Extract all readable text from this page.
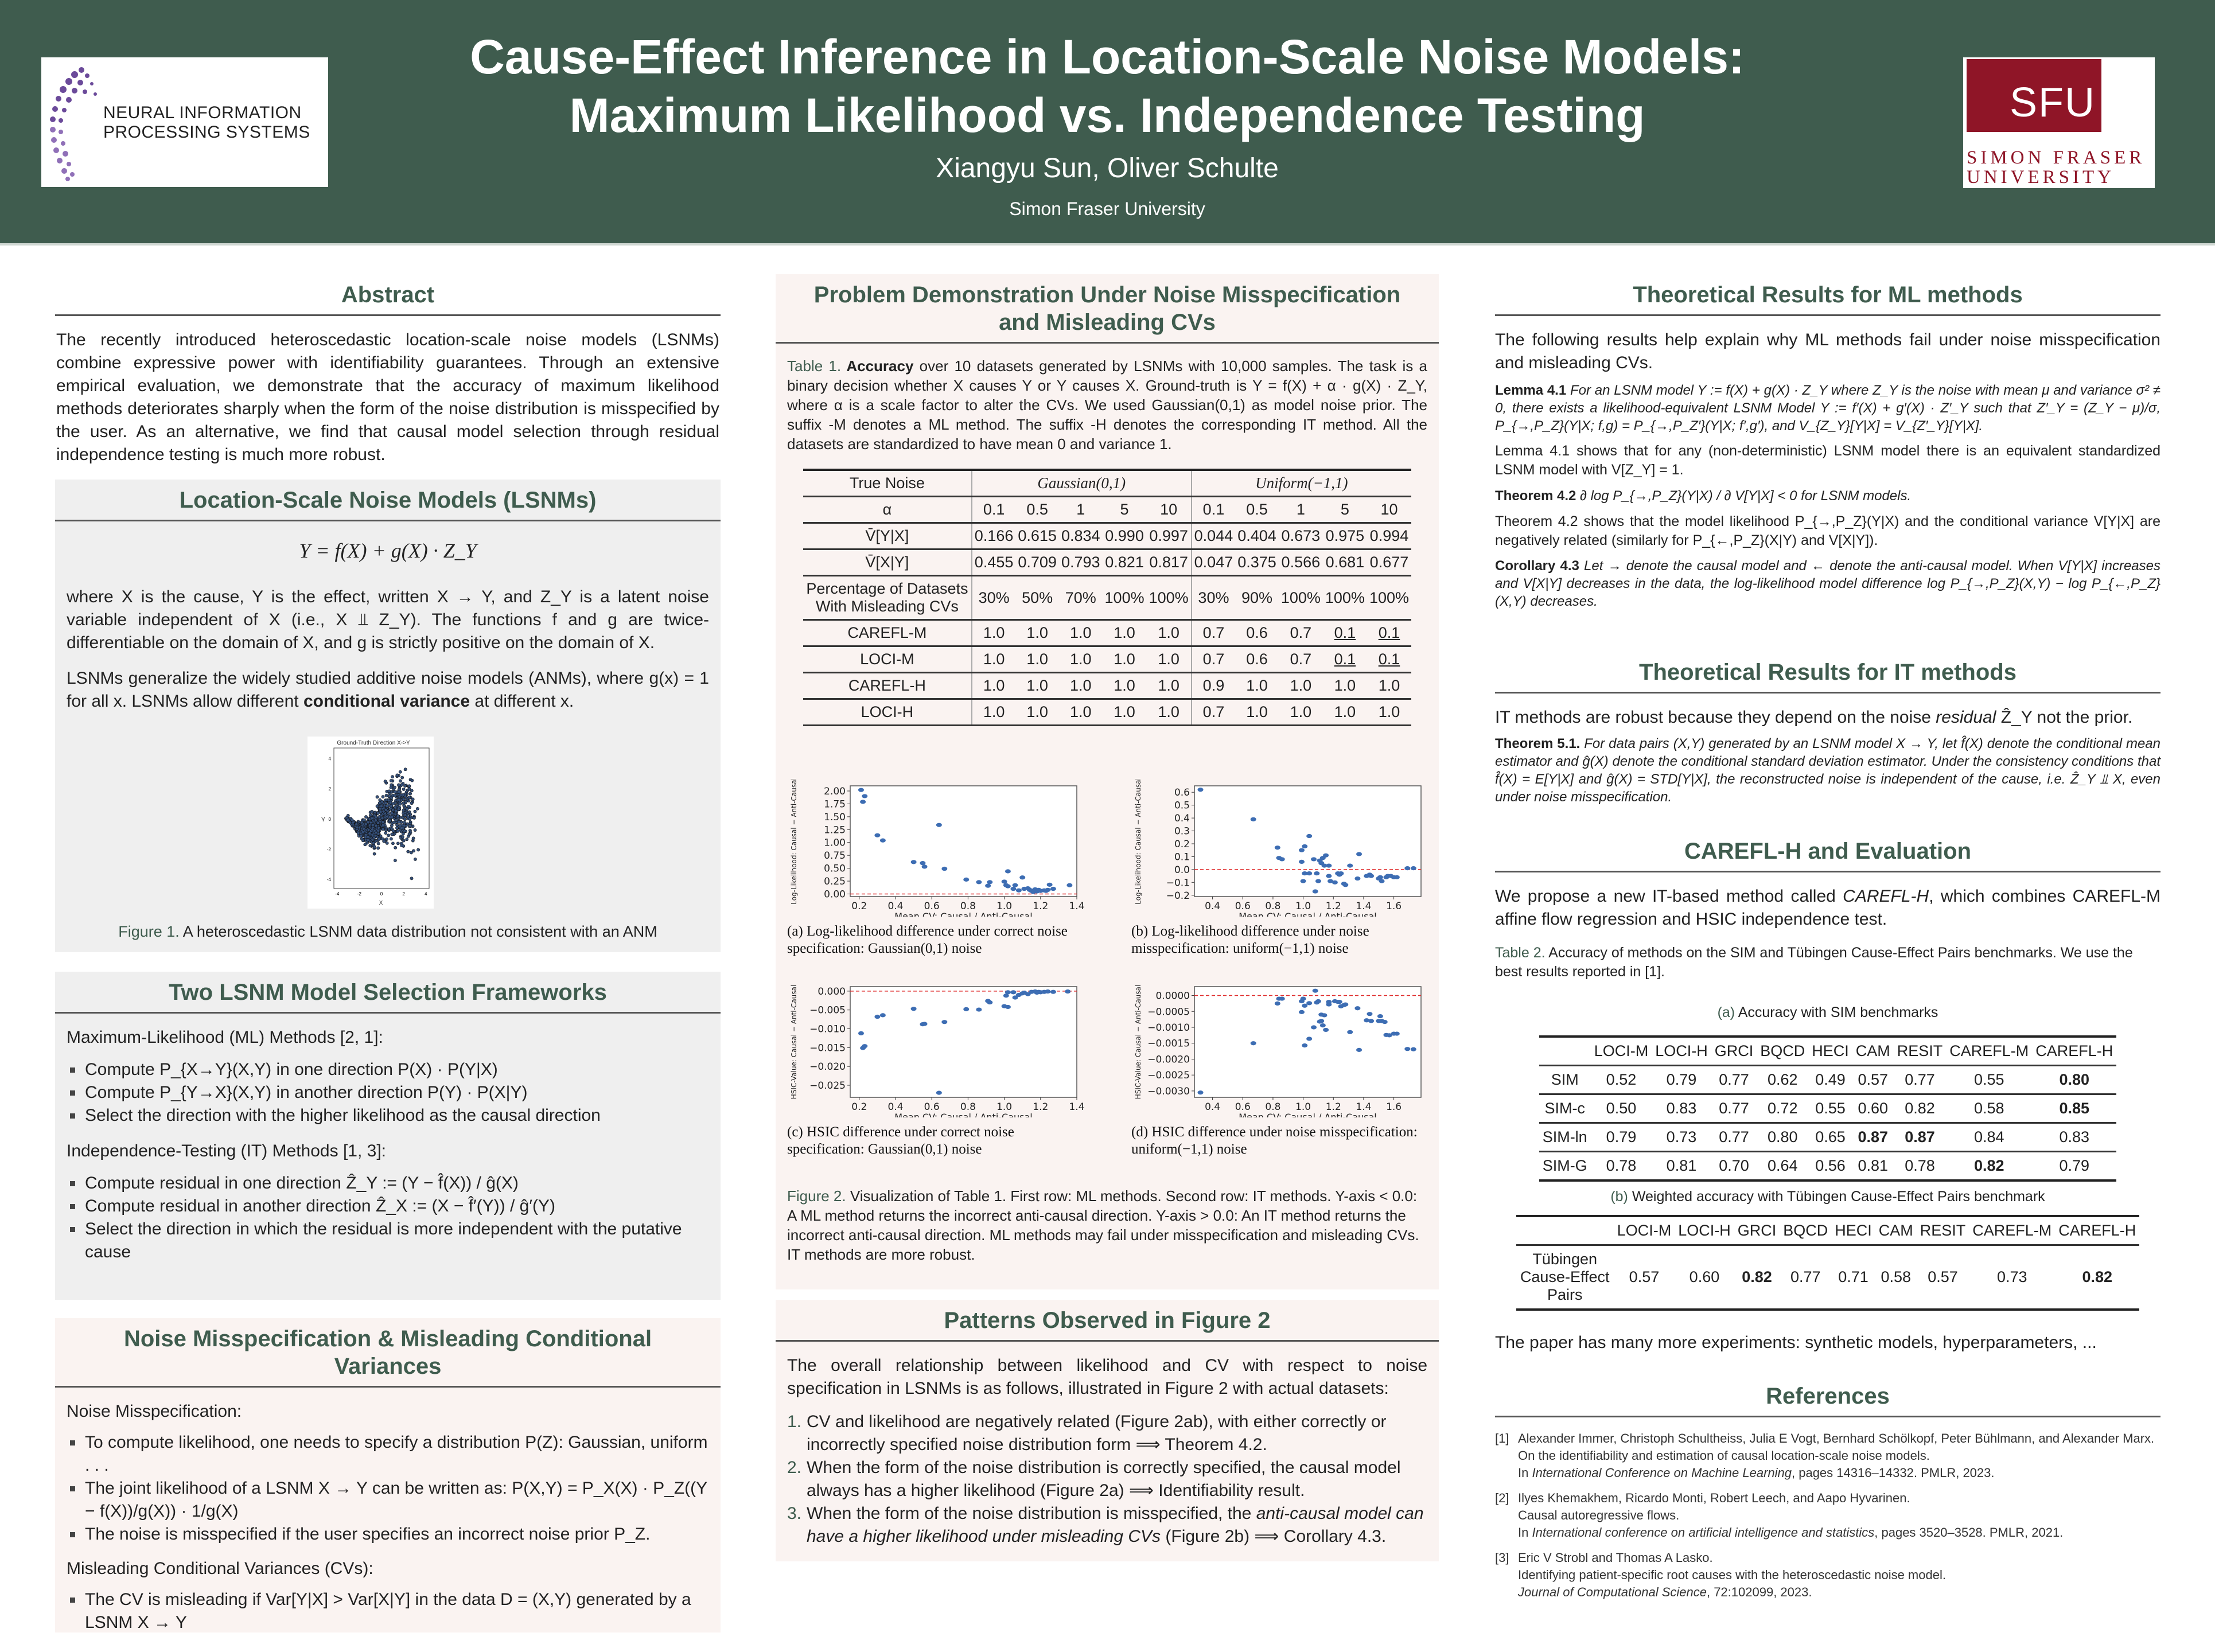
NEURAL INFORMATION
PROCESSING SYSTEMS
Cause-Effect Inference in Location-Scale Noise Models:
Maximum Likelihood vs. Independence Testing
Xiangyu Sun, Oliver Schulte
Simon Fraser University
SFU
SIMON FRASER
UNIVERSITY
Abstract
The recently introduced heteroscedastic location-scale noise models (LSNMs) combine expressive power with identifiability guarantees. Through an extensive empirical evaluation, we demonstrate that the accuracy of maximum likelihood methods deteriorates sharply when the form of the noise distribution is misspecified by the user. As an alternative, we find that causal model selection through residual independence testing is much more robust.
Location-Scale Noise Models (LSNMs)
Y = f(X) + g(X) · Z_Y
where X is the cause, Y is the effect, written X → Y, and Z_Y is a latent noise variable independent of X (i.e., X ⫫ Z_Y). The functions f and g are twice-differentiable on the domain of X, and g is strictly positive on the domain of X.
LSNMs generalize the widely studied additive noise models (ANMs), where g(x) = 1 for all x. LSNMs allow different conditional variance at different x.
Ground-Truth Direction X->Y
Y
X
-4	-2	0	2	4
4
2
0
-2
-4
Figure 1. A heteroscedastic LSNM data distribution not consistent with an ANM
Two LSNM Model Selection Frameworks
Maximum-Likelihood (ML) Methods [2, 1]:
Compute P_{X→Y}(X,Y) in one direction P(X) · P(Y|X)
Compute P_{Y→X}(X,Y) in another direction P(Y) · P(X|Y)
Select the direction with the higher likelihood as the causal direction
Independence-Testing (IT) Methods [1, 3]:
Compute residual in one direction Ẑ_Y := (Y − f̂(X)) / ĝ(X)
Compute residual in another direction Ẑ_X := (X − f̂′(Y)) / ĝ′(Y)
Select the direction in which the residual is more independent with the putative cause
Noise Misspecification & Misleading Conditional Variances
Noise Misspecification:
To compute likelihood, one needs to specify a distribution P(Z): Gaussian, uniform . . .
The joint likelihood of a LSNM X → Y can be written as: P(X,Y) = P_X(X) · P_Z((Y − f(X))/g(X)) · 1/g(X)
The noise is misspecified if the user specifies an incorrect noise prior P_Z.
Misleading Conditional Variances (CVs):
The CV is misleading if Var[Y|X] > Var[X|Y] in the data D = (X,Y) generated by a LSNM X → Y
Problem Demonstration Under Noise Misspecification and Misleading CVs
Table 1. Accuracy over 10 datasets generated by LSNMs with 10,000 samples. The task is a binary decision whether X causes Y or Y causes X. Ground-truth is Y = f(X) + α · g(X) · Z_Y, where α is a scale factor to alter the CVs. We used Gaussian(0,1) as model noise prior. The suffix -M denotes a ML method. The suffix -H denotes the corresponding IT method. All the datasets are standardized to have mean 0 and variance 1.
True Noise	Gaussian(0,1)	Uniform(−1,1)
α	0.1	0.5	1	5	10	0.1	0.5	1	5	10
V̄[Y|X]	0.166	0.615	0.834	0.990	0.997	0.044	0.404	0.673	0.975	0.994
V̄[X|Y]	0.455	0.709	0.793	0.821	0.817	0.047	0.375	0.566	0.681	0.677
Percentage of Datasets With Misleading CVs	30%	50%	70%	100%	100%	30%	90%	100%	100%	100%
CAREFL-M	1.0	1.0	1.0	1.0	1.0	0.7	0.6	0.7	0.1	0.1
LOCI-M	1.0	1.0	1.0	1.0	1.0	0.7	0.6	0.7	0.1	0.1
CAREFL-H	1.0	1.0	1.0	1.0	1.0	0.9	1.0	1.0	1.0	1.0
LOCI-H	1.0	1.0	1.0	1.0	1.0	0.7	1.0	1.0	1.0	1.0
0.2 0.4 0.6 0.8 1.0 1.2 1.4
0.00
0.25
0.50
0.75
1.00
1.25
1.50
1.75
2.00
Mean CV: Causal / Anti-Causal
Log-Likelihood: Causal − Anti-Causal
(a) Log-likelihood difference under correct noise specification: Gaussian(0,1) noise
0.4 0.6 0.8 1.0 1.2 1.4 1.6
−0.2
−0.1
0.0
0.1
0.2
0.3
0.4
0.5
0.6
Mean CV: Causal / Anti-Causal
Log-Likelihood: Causal − Anti-Causal
(b) Log-likelihood difference under noise misspecification: uniform(−1,1) noise
0.2 0.4 0.6 0.8 1.0 1.2 1.4
−0.025
−0.020
−0.015
−0.010
−0.005
0.000
Mean CV: Causal / Anti-Causal
HSIC-Value: Causal − Anti-Causal
(c) HSIC difference under correct noise specification: Gaussian(0,1) noise
0.4 0.6 0.8 1.0 1.2 1.4 1.6
−0.0030
−0.0025
−0.0020
−0.0015
−0.0010
−0.0005
0.0000
Mean CV: Causal / Anti-Causal
HSIC-Value: Causal − Anti-Causal
(d) HSIC difference under noise misspecification: uniform(−1,1) noise
Figure 2. Visualization of Table 1. First row: ML methods. Second row: IT methods. Y-axis < 0.0: A ML method returns the incorrect anti-causal direction. Y-axis > 0.0: An IT method returns the incorrect anti-causal direction. ML methods may fail under misspecification and misleading CVs. IT methods are more robust.
Patterns Observed in Figure 2
The overall relationship between likelihood and CV with respect to noise specification in LSNMs is as follows, illustrated in Figure 2 with actual datasets:
1. CV and likelihood are negatively related (Figure 2ab), with either correctly or incorrectly specified noise distribution form ⟹ Theorem 4.2.
2. When the form of the noise distribution is correctly specified, the causal model always has a higher likelihood (Figure 2a) ⟹ Identifiability result.
3. When the form of the noise distribution is misspecified, the anti-causal model can have a higher likelihood under misleading CVs (Figure 2b) ⟹ Corollary 4.3.
Theoretical Results for ML methods
The following results help explain why ML methods fail under noise misspecification and misleading CVs.
Lemma 4.1 For an LSNM model Y := f(X) + g(X) · Z_Y where Z_Y is the noise with mean μ and variance σ² ≠ 0, there exists a likelihood-equivalent LSNM Model Y := f′(X) + g′(X) · Z′_Y such that Z′_Y = (Z_Y − μ)/σ, P_{→,P_Z}(Y|X; f,g) = P_{→,P_Z′}(Y|X; f′,g′), and V_{Z_Y}[Y|X] = V_{Z′_Y}[Y|X].
Lemma 4.1 shows that for any (non-deterministic) LSNM model there is an equivalent standardized LSNM model with V[Z_Y] = 1.
Theorem 4.2 ∂ log P_{→,P_Z}(Y|X) / ∂ V[Y|X] < 0 for LSNM models.
Theorem 4.2 shows that the model likelihood P_{→,P_Z}(Y|X) and the conditional variance V[Y|X] are negatively related (similarly for P_{←,P_Z}(X|Y) and V[X|Y]).
Corollary 4.3 Let → denote the causal model and ← denote the anti-causal model. When V[Y|X] increases and V[X|Y] decreases in the data, the log-likelihood model difference log P_{→,P_Z}(X,Y) − log P_{←,P_Z}(X,Y) decreases.
Theoretical Results for IT methods
IT methods are robust because they depend on the noise residual Ẑ_Y not the prior.
Theorem 5.1. For data pairs (X,Y) generated by an LSNM model X → Y, let f̂(X) denote the conditional mean estimator and ĝ(X) denote the conditional standard deviation estimator. Under the consistency conditions that f̂(X) = E[Y|X] and ĝ(X) = STD[Y|X], the reconstructed noise is independent of the cause, i.e. Ẑ_Y ⫫ X, even under noise misspecification.
CAREFL-H and Evaluation
We propose a new IT-based method called CAREFL-H, which combines CAREFL-M affine flow regression and HSIC independence test.
Table 2. Accuracy of methods on the SIM and Tübingen Cause-Effect Pairs benchmarks. We use the best results reported in [1].
(a) Accuracy with SIM benchmarks
	LOCI-M	LOCI-H	GRCI	BQCD	HECI	CAM	RESIT	CAREFL-M	CAREFL-H
SIM	0.52	0.79	0.77	0.62	0.49	0.57	0.77	0.55	0.80
SIM-c	0.50	0.83	0.77	0.72	0.55	0.60	0.82	0.58	0.85
SIM-ln	0.79	0.73	0.77	0.80	0.65	0.87	0.87	0.84	0.83
SIM-G	0.78	0.81	0.70	0.64	0.56	0.81	0.78	0.82	0.79
(b) Weighted accuracy with Tübingen Cause-Effect Pairs benchmark
	LOCI-M	LOCI-H	GRCI	BQCD	HECI	CAM	RESIT	CAREFL-M	CAREFL-H
Tübingen Cause-Effect Pairs	0.57	0.60	0.82	0.77	0.71	0.58	0.57	0.73	0.82
The paper has many more experiments: synthetic models, hyperparameters, ...
References
[1] Alexander Immer, Christoph Schultheiss, Julia E Vogt, Bernhard Schölkopf, Peter Bühlmann, and Alexander Marx.
On the identifiability and estimation of causal location-scale noise models.
In International Conference on Machine Learning, pages 14316–14332. PMLR, 2023.
[2] Ilyes Khemakhem, Ricardo Monti, Robert Leech, and Aapo Hyvarinen.
Causal autoregressive flows.
In International conference on artificial intelligence and statistics, pages 3520–3528. PMLR, 2021.
[3] Eric V Strobl and Thomas A Lasko.
Identifying patient-specific root causes with the heteroscedastic noise model.
Journal of Computational Science, 72:102099, 2023.
